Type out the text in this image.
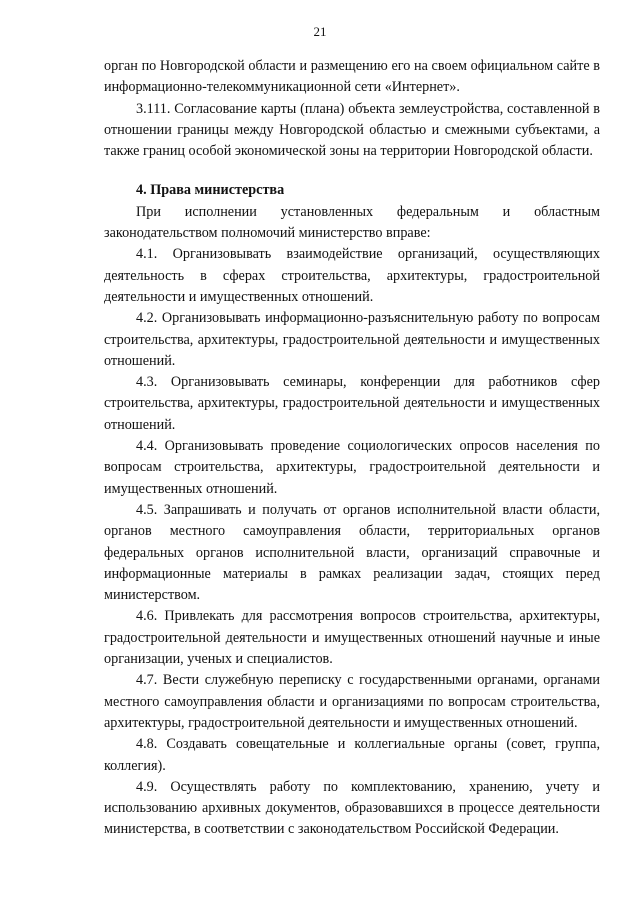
21

орган по Новгородской области и размещению его на своем официальном сайте в информационно-телекоммуникационной сети «Интернет».

3.111. Согласование карты (плана) объекта землеустройства, составленной в отношении границы между Новгородской областью и смежными субъектами, а также границ особой экономической зоны на территории Новгородской области.

4. Права министерства

При исполнении установленных федеральным и областным законодательством полномочий министерство вправе:

4.1. Организовывать взаимодействие организаций, осуществляющих деятельность в сферах строительства, архитектуры, градостроительной деятельности и имущественных отношений.

4.2. Организовывать информационно-разъяснительную работу по вопросам строительства, архитектуры, градостроительной деятельности и имущественных отношений.

4.3. Организовывать семинары, конференции для работников сфер строительства, архитектуры, градостроительной деятельности и имущественных отношений.

4.4. Организовывать проведение социологических опросов населения по вопросам строительства, архитектуры, градостроительной деятельности и имущественных отношений.

4.5. Запрашивать и получать от органов исполнительной власти области, органов местного самоуправления области, территориальных органов федеральных органов исполнительной власти, организаций справочные и информационные материалы в рамках реализации задач, стоящих перед министерством.

4.6. Привлекать для рассмотрения вопросов строительства, архитектуры, градостроительной деятельности и имущественных отношений научные и иные организации, ученых и специалистов.

4.7. Вести служебную переписку с государственными органами, органами местного самоуправления области и организациями по вопросам строительства, архитектуры, градостроительной деятельности и имущественных отношений.

4.8. Создавать совещательные и коллегиальные органы (совет, группа, коллегия).

4.9. Осуществлять работу по комплектованию, хранению, учету и использованию архивных документов, образовавшихся в процессе деятельности министерства, в соответствии с законодательством Российской Федерации.
